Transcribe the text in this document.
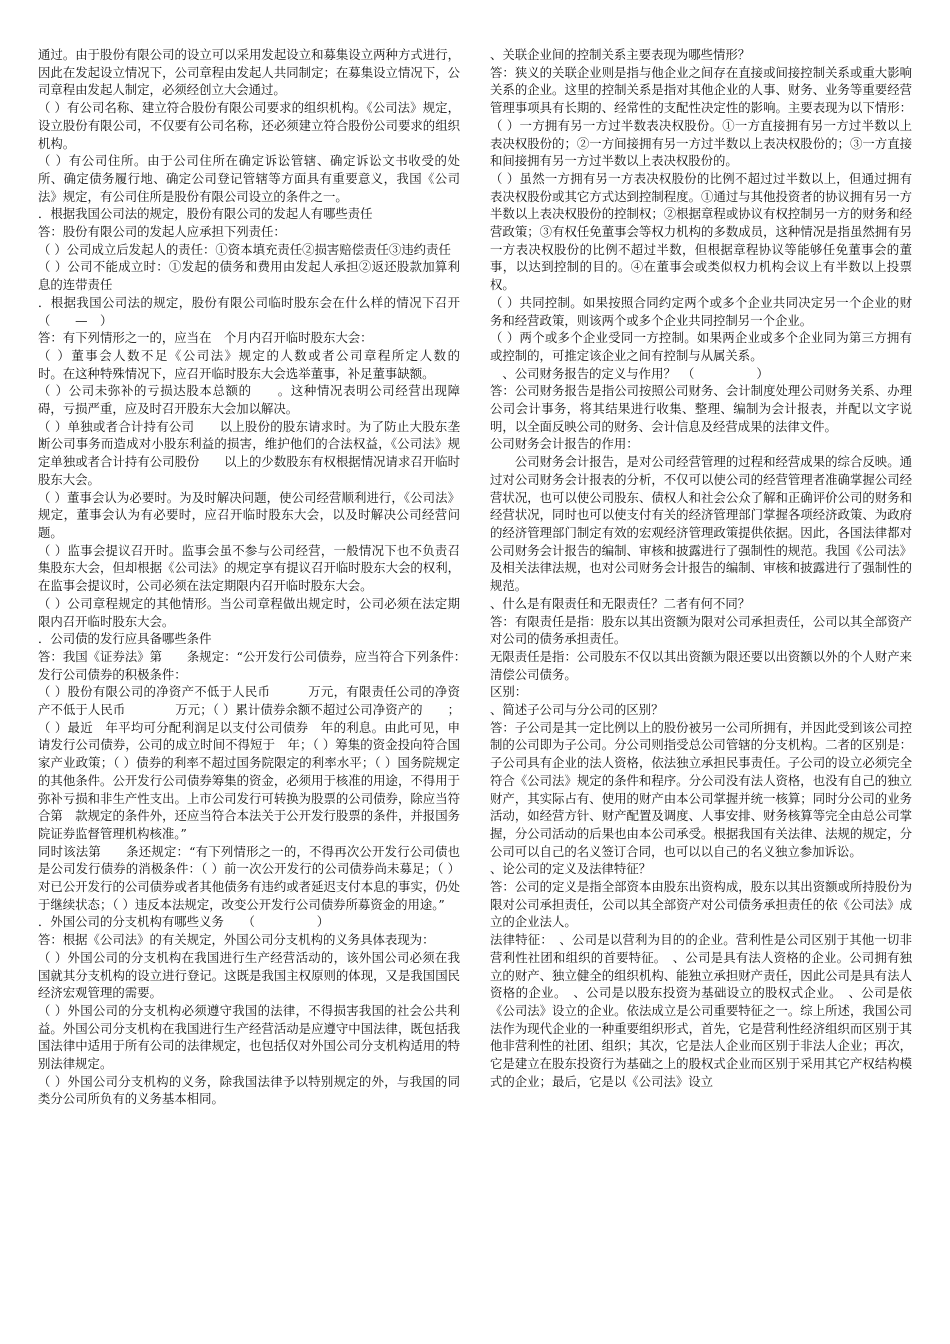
通过。由于股份有限公司的设立可以采用发起设立和募集设立两种方式进行，因此在发起设立情况下，公司章程由发起人共同制定；在募集设立情况下，公司章程由发起人制定，必须经创立大会通过。

（ ）有公司名称、建立符合股份有限公司要求的组织机构。《公司法》规定，设立股份有限公司，不仅要有公司名称，还必须建立符合股份公司要求的组织机构。

（ ）有公司住所。由于公司住所在确定诉讼管辖、确定诉讼文书收受的处所、确定债务履行地、确定公司登记管辖等方面具有重要意义，我国《公司法》规定，有公司住所是股份有限公司设立的条件之一。

．根据我国公司法的规定，股份有限公司的发起人有哪些责任

答：股份有限公司的发起人应承担下列责任：

（ ）公司成立后发起人的责任：①资本填充责任②损害赔偿责任③违约责任

（ ）公司不能成立时：①发起的债务和费用由发起人承担②返还股款加算利息的连带责任

．根据我国公司法的规定，股份有限公司临时股东会在什么样的情况下召开 （　　—　）

答：有下列情形之一的，应当在　个月内召开临时股东大会：

（ ）董事会人数不足《公司法》规定的人数或者公司章程所定人数的　　时。在这种特殊情况下，应召开临时股东大会选举董事，补足董事缺额。

（ ）公司未弥补的亏损达股本总额的　　。这种情况表明公司经营出现障碍，亏损严重，应及时召开股东大会加以解决。

（ ）单独或者合计持有公司　　以上股份的股东请求时。为了防止大股东垄断公司事务而造成对小股东利益的损害，维护他们的合法权益，《公司法》规定单独或者合计持有公司股份　　以上的少数股东有权根据情况请求召开临时股东大会。

（ ）董事会认为必要时。为及时解决问题，使公司经营顺利进行，《公司法》规定，董事会认为有必要时，应召开临时股东大会，以及时解决公司经营问题。

（ ）监事会提议召开时。监事会虽不参与公司经营，一般情况下也不负责召集股东大会，但却根据《公司法》的规定享有提议召开临时股东大会的权利，在监事会提议时，公司必须在法定期限内召开临时股东大会。

（ ）公司章程规定的其他情形。当公司章程做出规定时，公司必须在法定期限内召开临时股东大会。

．公司债的发行应具备哪些条件

答：我国《证券法》第　　条规定：“公开发行公司债券，应当符合下列条件：　　发行公司债券的积极条件：

（ ）股份有限公司的净资产不低于人民币　　　万元，有限责任公司的净资产不低于人民币　　　　万元；（ ）累计债券余额不超过公司净资产的　　；（ ）最近　年平均可分配利润足以支付公司债券　年的利息。由此可见，申请发行公司债券，公司的成立时间不得短于　年；（ ）筹集的资金投向符合国家产业政策；（ ）债券的利率不超过国务院限定的利率水平；（ ）国务院规定的其他条件。公开发行公司债券筹集的资金，必须用于核准的用途，不得用于弥补亏损和非生产性支出。上市公司发行可转换为股票的公司债券，除应当符合第　款规定的条件外，还应当符合本法关于公开发行股票的条件，并报国务院证券监督管理机构核准。”

同时该法第　　条还规定：“有下列情形之一的，不得再次公开发行公司债也是公司发行债券的消极条件：（ ）前一次公开发行的公司债券尚未募足；（ ）对已公开发行的公司债券或者其他债务有违约或者延迟支付本息的事实，仍处于继续状态；（ ）违反本法规定，改变公开发行公司债券所募资金的用途。”

．外国公司的分支机构有哪些义务　　（　　　　　）

答：根据《公司法》的有关规定，外国公司分支机构的义务具体表现为：

（ ）外国公司的分支机构在我国进行生产经营活动的，该外国公司必须在我国就其分支机构的设立进行登记。这既是我国主权原则的体现，又是我国国民经济宏观管理的需要。

（ ）外国公司的分支机构必须遵守我国的法律，不得损害我国的社会公共利益。外国公司分支机构在我国进行生产经营活动是应遵守中国法律，既包括我国法律中适用于所有公司的法律规定，也包括仅对外国公司分支机构适用的特别法律规定。

（ ）外国公司分支机构的义务，除我国法律予以特别规定的外，与我国的同类分公司所负有的义务基本相同。

、关联企业间的控制关系主要表现为哪些情形？

答：狭义的关联企业则是指与他企业之间存在直接或间接控制关系或重大影响关系的企业。这里的控制关系是指对其他企业的人事、财务、业务等重要经营管理事项具有长期的、经常性的支配性决定性的影响。主要表现为以下情形：（ ）一方拥有另一方过半数表决权股份。①一方直接拥有另一方过半数以上表决权股份的；②一方间接拥有另一方过半数以上表决权股份的；③一方直接和间接拥有另一方过半数以上表决权股份的。

（ ）虽然一方拥有另一方表决权股份的比例不超过过半数以上，但通过拥有表决权股份或其它方式达到控制程度。①通过与其他投资者的协议拥有另一方半数以上表决权股份的控制权；②根据章程或协议有权控制另一方的财务和经营政策；③有权任免董事会等权力机构的多数成员，这种情况是指虽然拥有另一方表决权股份的比例不超过半数，但根据章程协议等能够任免董事会的董事，以达到控制的目的。④在董事会或类似权力机构会议上有半数以上投票权。

（ ）共同控制。如果按照合同约定两个或多个企业共同决定另一个企业的财务和经营政策，则该两个或多个企业共同控制另一个企业。

（ ）两个或多个企业受同一方控制。如果两企业或多个企业同为第三方拥有或控制的，可推定该企业之间有控制与从属关系。

　、公司财务报告的定义与作用？　（　　　　　）

答：公司财务报告是指公司按照公司财务、会计制度处理公司财务关系、办理公司会计事务，将其结果进行收集、整理、编制为会计报表，并配以文字说明，以全面反映公司的财务、会计信息及经营成果的法律文件。

公司财务会计报告的作用：

　　公司财务会计报告，是对公司经营管理的过程和经营成果的综合反映。通过对公司财务会计报表的分析，不仅可以使公司的经营管理者准确掌握公司经营状况，也可以使公司股东、债权人和社会公众了解和正确评价公司的财务和经营状况，同时也可以使支付有关的经济管理部门掌握各项经济政策、为政府的经济管理部门制定有效的宏观经济管理政策提供依据。因此，各国法律都对公司财务会计报告的编制、审核和披露进行了强制性的规范。我国《公司法》及相关法律法规，也对公司财务会计报告的编制、审核和披露进行了强制性的规范。

、什么是有限责任和无限责任？二者有何不同？

答：有限责任是指：股东以其出资额为限对公司承担责任，公司以其全部资产对公司的债务承担责任。

无限责任是指：公司股东不仅以其出资额为限还要以出资额以外的个人财产来清偿公司债务。

区别：

、简述子公司与分公司的区别？

答：子公司是其一定比例以上的股份被另一公司所拥有，并因此受到该公司控制的公司即为子公司。分公司则指受总公司管辖的分支机构。二者的区别是：子公司具有企业的法人资格，依法独立承担民事责任。子公司的设立必须完全符合《公司法》规定的条件和程序。分公司没有法人资格，也没有自己的独立财产，其实际占有、使用的财产由本公司掌握并统一核算；同时分公司的业务活动，如经营方针、财产配置及调度、人事安排、财务核算等完全由总公司掌握，分公司活动的后果也由本公司承受。根据我国有关法律、法规的规定，分公司可以自己的名义签订合同，也可以以自己的名义独立参加诉讼。

、论公司的定义及法律特征？

答：公司的定义是指全部资本由股东出资构成，股东以其出资额或所持股份为限对公司承担责任，公司以其全部资产对公司债务承担责任的依《公司法》成立的企业法人。

法律特征：　、公司是以营利为目的的企业。营利性是公司区别于其他一切非营利性社团和组织的首要特征。　、公司是具有法人资格的企业。公司拥有独立的财产、独立健全的组织机构、能独立承担财产责任，因此公司是具有法人资格的企业。　、公司是以股东投资为基础设立的股权式企业。　、公司是依《公司法》设立的企业。依法成立是公司重要特征之一。综上所述，我国公司法作为现代企业的一种重要组织形式，首先，它是营利性经济组织而区别于其他非营利性的社团、组织；其次，它是法人企业而区别于非法人企业；再次，它是建立在股东投资行为基础之上的股权式企业而区别于采用其它产权结构模式的企业；最后，它是以《公司法》设立
